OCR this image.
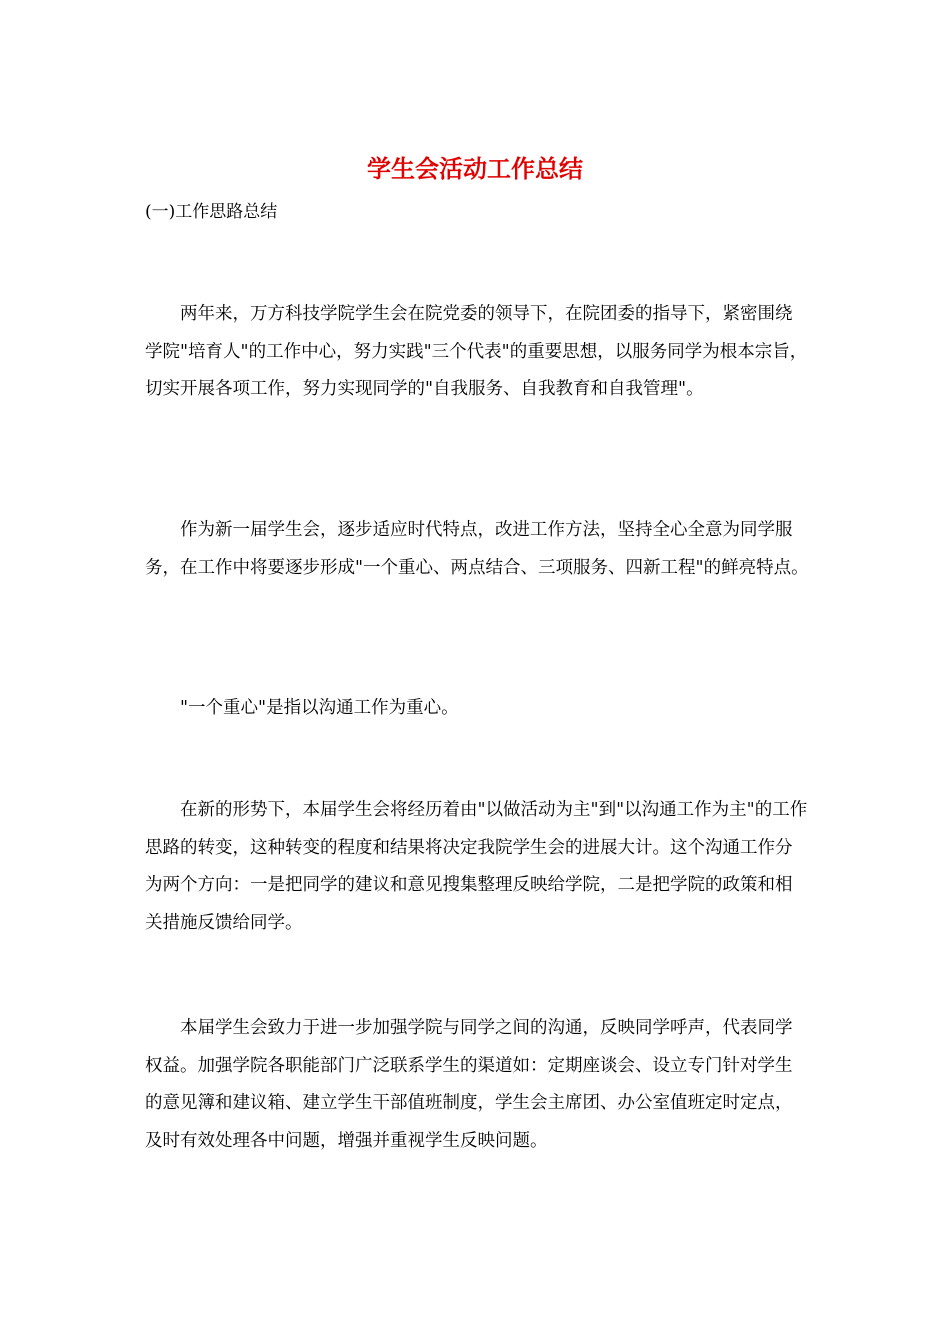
学生会活动工作总结

(一)工作思路总结

两年来，万方科技学院学生会在院党委的领导下，在院团委的指导下，紧密围绕学院"培育人"的工作中心，努力实践"三个代表"的重要思想，以服务同学为根本宗旨，切实开展各项工作，努力实现同学的"自我服务、自我教育和自我管理"。

作为新一届学生会，逐步适应时代特点，改进工作方法，坚持全心全意为同学服务，在工作中将要逐步形成"一个重心、两点结合、三项服务、四新工程"的鲜亮特点。

"一个重心"是指以沟通工作为重心。

在新的形势下，本届学生会将经历着由"以做活动为主"到"以沟通工作为主"的工作思路的转变，这种转变的程度和结果将决定我院学生会的进展大计。这个沟通工作分为两个方向：一是把同学的建议和意见搜集整理反映给学院，二是把学院的政策和相关措施反馈给同学。

本届学生会致力于进一步加强学院与同学之间的沟通，反映同学呼声，代表同学权益。加强学院各职能部门广泛联系学生的渠道如：定期座谈会、设立专门针对学生的意见簿和建议箱、建立学生干部值班制度，学生会主席团、办公室值班定时定点，及时有效处理各中问题，增强并重视学生反映问题。
